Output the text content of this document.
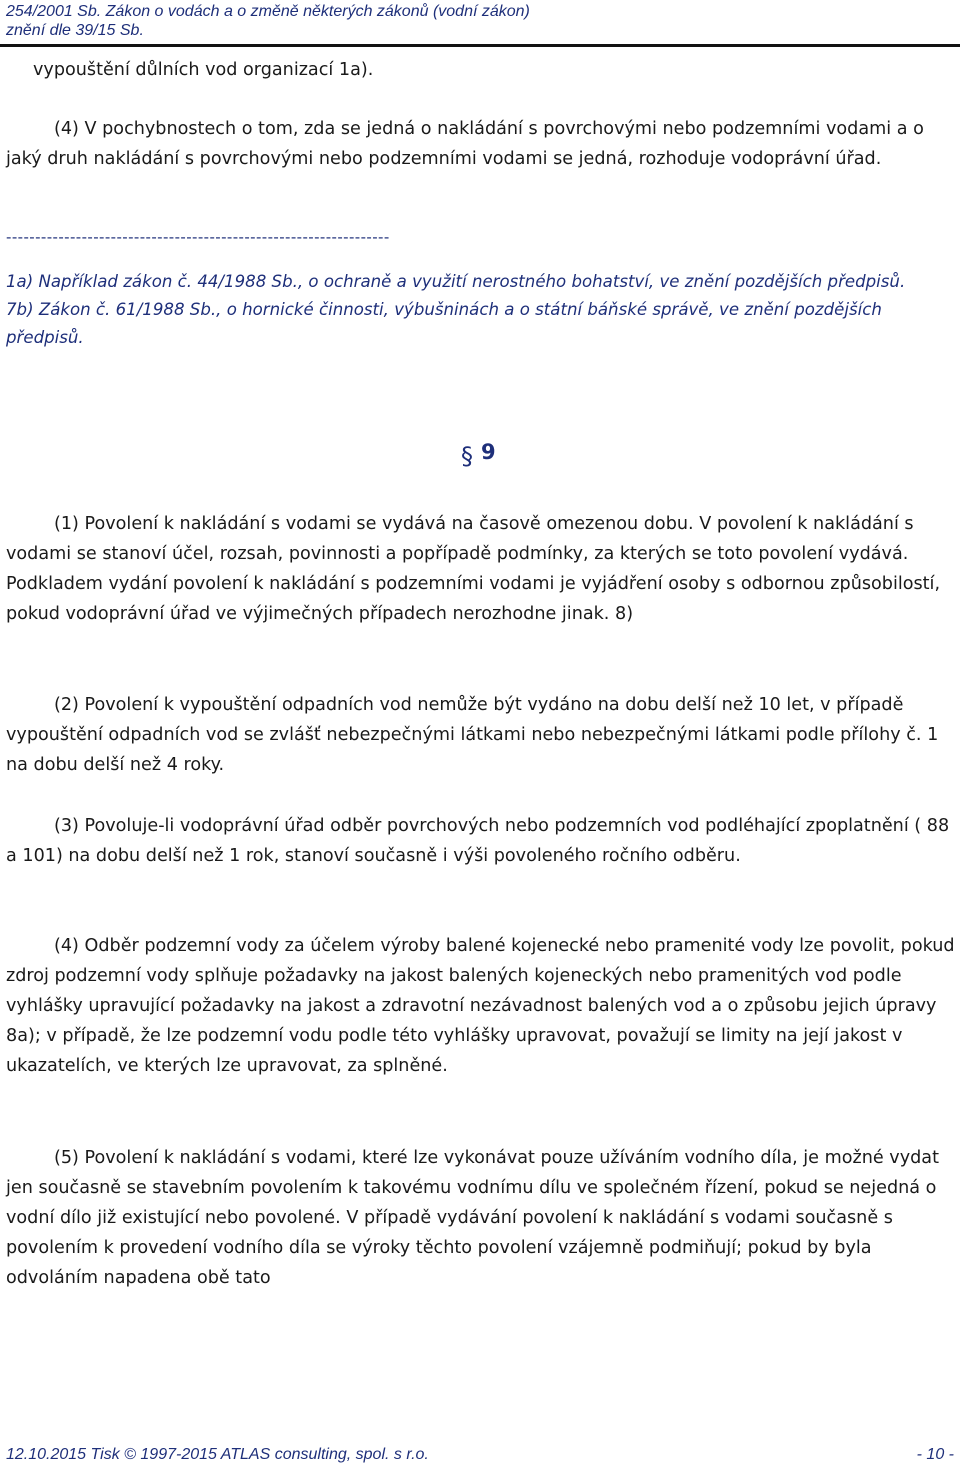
254/2001 Sb. Zákon o vodách a o změně některých zákonů (vodní zákon)
znění dle 39/15 Sb.
vypouštění důlních vod organizací 1a).

(4) V pochybnostech o tom, zda se jedná o nakládání s povrchovými nebo podzemními vodami a o jaký druh nakládání s povrchovými nebo podzemními vodami se jedná, rozhoduje vodoprávní úřad.

------------------------------------------------------------------

1a) Například zákon č. 44/1988 Sb., o ochraně a využití nerostného bohatství, ve znění pozdějších předpisů.

7b) Zákon č. 61/1988 Sb., o hornické činnosti, výbušninách a o státní báňské správě, ve znění pozdějších předpisů.

§ 9

(1) Povolení k nakládání s vodami se vydává na časově omezenou dobu. V povolení k nakládání s vodami se stanoví účel, rozsah, povinnosti a popřípadě podmínky, za kterých se toto povolení vydává. Podkladem vydání povolení k nakládání s podzemními vodami je vyjádření osoby s odbornou způsobilostí, pokud vodoprávní úřad ve výjimečných případech nerozhodne jinak. 8)

(2) Povolení k vypouštění odpadních vod nemůže být vydáno na dobu delší než 10 let, v případě vypouštění odpadních vod se zvlášť nebezpečnými látkami nebo nebezpečnými látkami podle přílohy č. 1 na dobu delší než 4 roky.

(3) Povoluje-li vodoprávní úřad odběr povrchových nebo podzemních vod podléhající zpoplatnění ( 88 a 101) na dobu delší než 1 rok, stanoví současně i výši povoleného ročního odběru.

(4) Odběr podzemní vody za účelem výroby balené kojenecké nebo pramenité vody lze povolit, pokud zdroj podzemní vody splňuje požadavky na jakost balených kojeneckých nebo pramenitých vod podle vyhlášky upravující požadavky na jakost a zdravotní nezávadnost balených vod a o způsobu jejich úpravy 8a); v případě, že lze podzemní vodu podle této vyhlášky upravovat, považují se limity na její jakost v ukazatelích, ve kterých lze upravovat, za splněné.

(5) Povolení k nakládání s vodami, které lze vykonávat pouze užíváním vodního díla, je možné vydat jen současně se stavebním povolením k takovému vodnímu dílu ve společném řízení, pokud se nejedná o vodní dílo již existující nebo povolené. V případě vydávání povolení k nakládání s vodami současně s povolením k provedení vodního díla se výroky těchto povolení vzájemně podmiňují; pokud by byla odvoláním napadena obě tato

12.10.2015 Tisk © 1997-2015 ATLAS consulting, spol. s r.o.	- 10 -
